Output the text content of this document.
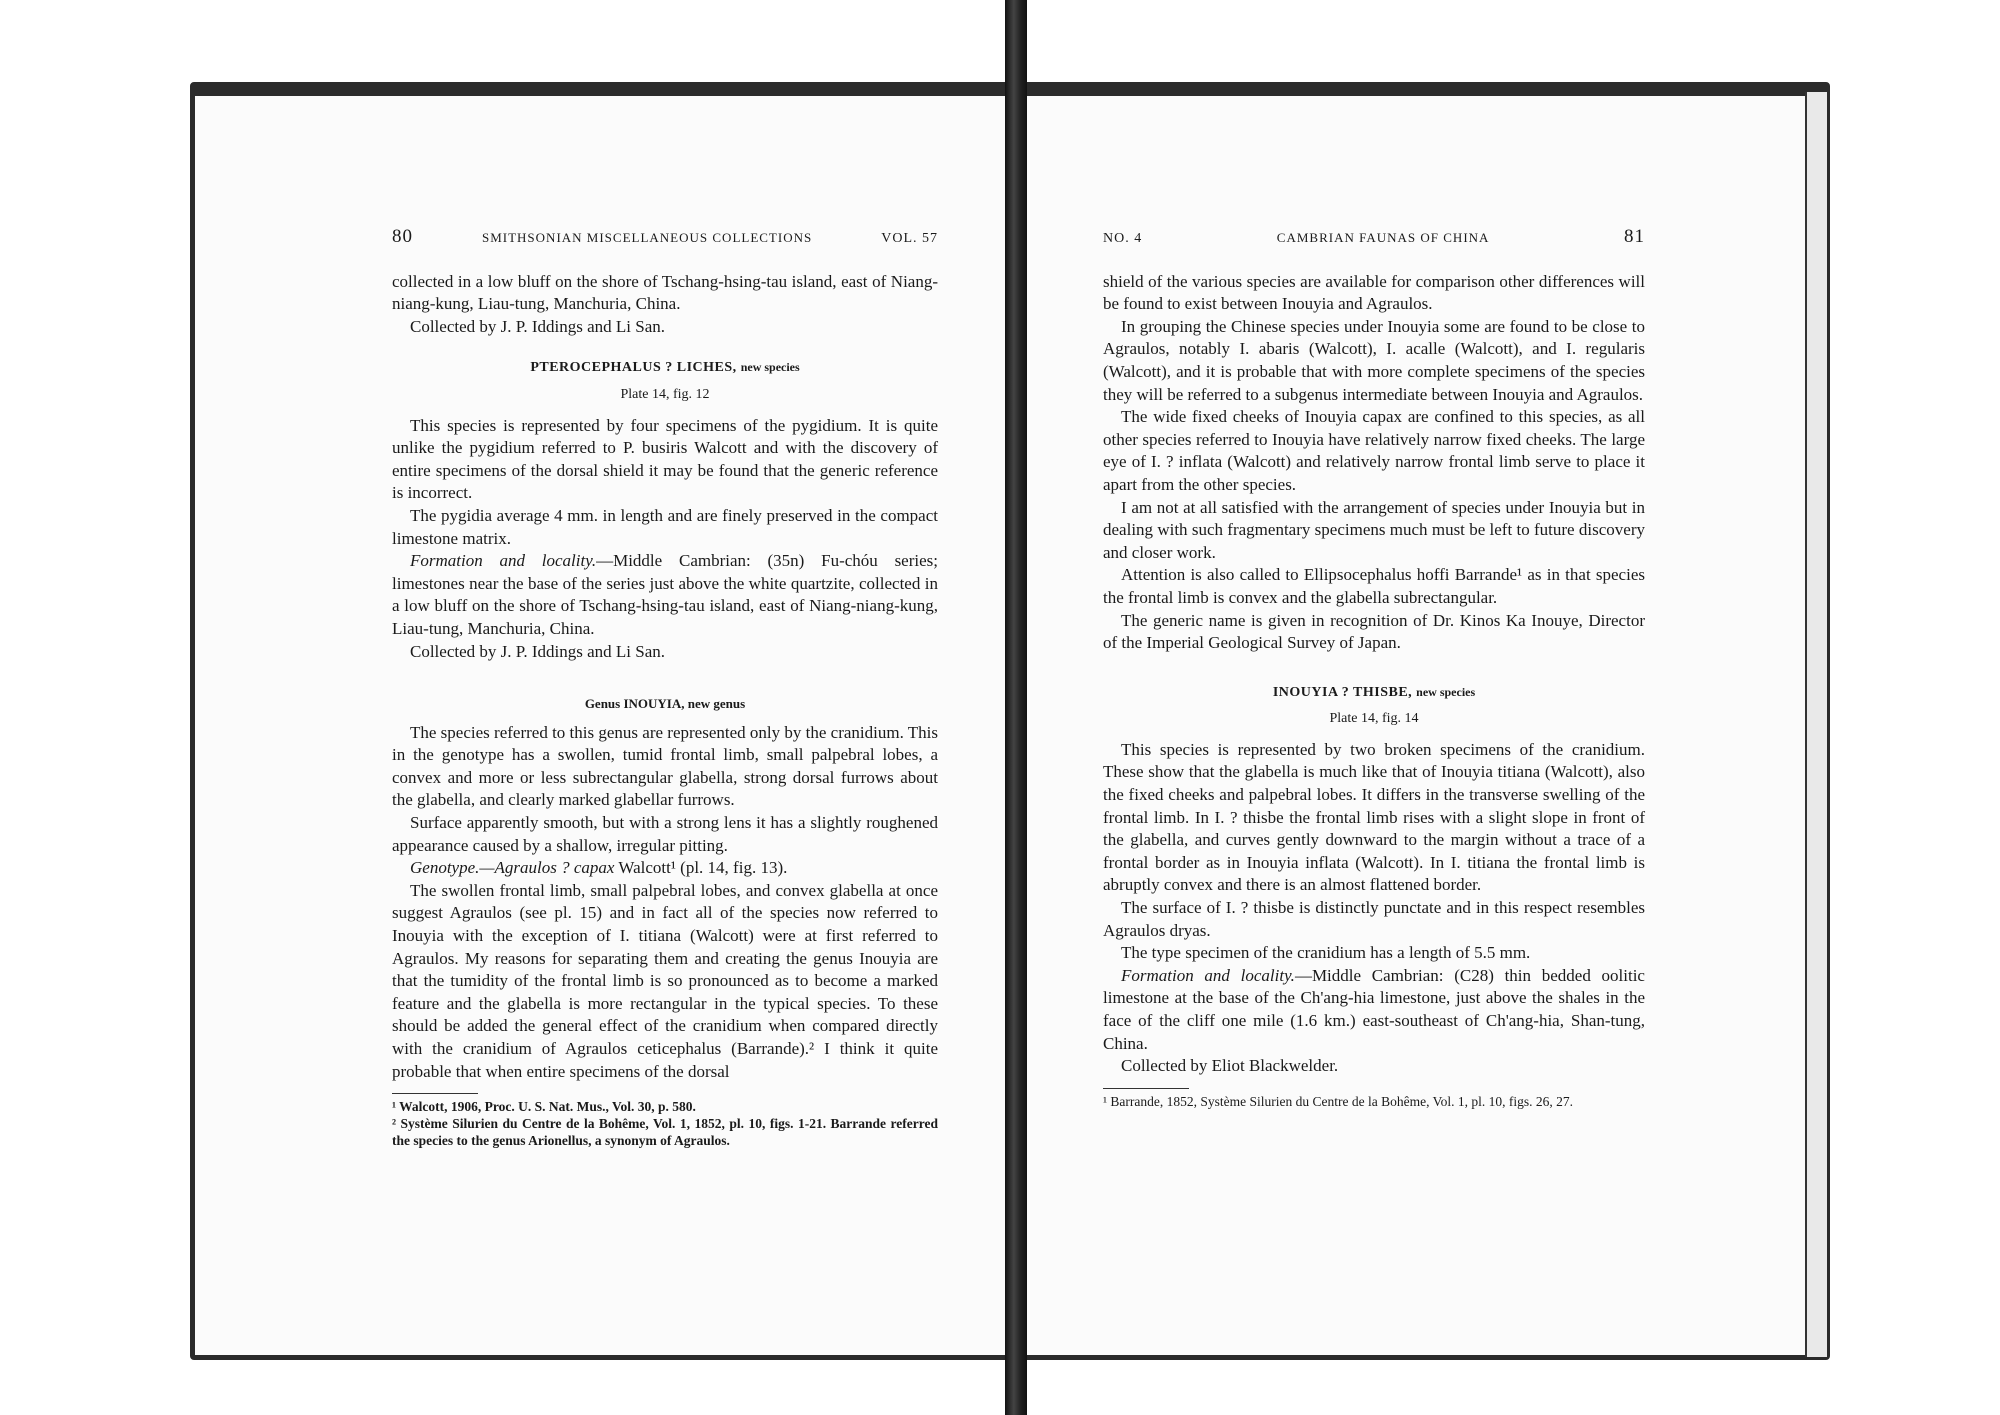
80	SMITHSONIAN MISCELLANEOUS COLLECTIONS	VOL. 57

collected in a low bluff on the shore of Tschang-hsing-tau island, east of Niang-niang-kung, Liau-tung, Manchuria, China.

Collected by J. P. Iddings and Li San.

PTEROCEPHALUS ? LICHES, new species
Plate 14, fig. 12

This species is represented by four specimens of the pygidium. It is quite unlike the pygidium referred to P. busiris Walcott and with the discovery of entire specimens of the dorsal shield it may be found that the generic reference is incorrect.

The pygidia average 4 mm. in length and are finely preserved in the compact limestone matrix.

Formation and locality.—Middle Cambrian: (35n) Fu-chóu series; limestones near the base of the series just above the white quartzite, collected in a low bluff on the shore of Tschang-hsing-tau island, east of Niang-niang-kung, Liau-tung, Manchuria, China.

Collected by J. P. Iddings and Li San.

Genus INOUYIA, new genus

The species referred to this genus are represented only by the cranidium. This in the genotype has a swollen, tumid frontal limb, small palpebral lobes, a convex and more or less subrectangular glabella, strong dorsal furrows about the glabella, and clearly marked glabellar furrows.

Surface apparently smooth, but with a strong lens it has a slightly roughened appearance caused by a shallow, irregular pitting.

Genotype.—Agraulos ? capax Walcott¹ (pl. 14, fig. 13).

The swollen frontal limb, small palpebral lobes, and convex glabella at once suggest Agraulos (see pl. 15) and in fact all of the species now referred to Inouyia with the exception of I. titiana (Walcott) were at first referred to Agraulos. My reasons for separating them and creating the genus Inouyia are that the tumidity of the frontal limb is so pronounced as to become a marked feature and the glabella is more rectangular in the typical species. To these should be added the general effect of the cranidium when compared directly with the cranidium of Agraulos ceticephalus (Barrande).² I think it quite probable that when entire specimens of the dorsal

¹ Walcott, 1906, Proc. U. S. Nat. Mus., Vol. 30, p. 580.

² Système Silurien du Centre de la Bohême, Vol. 1, 1852, pl. 10, figs. 1-21. Barrande referred the species to the genus Arionellus, a synonym of Agraulos.

NO. 4	CAMBRIAN FAUNAS OF CHINA	81

shield of the various species are available for comparison other differences will be found to exist between Inouyia and Agraulos.

In grouping the Chinese species under Inouyia some are found to be close to Agraulos, notably I. abaris (Walcott), I. acalle (Walcott), and I. regularis (Walcott), and it is probable that with more complete specimens of the species they will be referred to a subgenus intermediate between Inouyia and Agraulos.

The wide fixed cheeks of Inouyia capax are confined to this species, as all other species referred to Inouyia have relatively narrow fixed cheeks. The large eye of I. ? inflata (Walcott) and relatively narrow frontal limb serve to place it apart from the other species.

I am not at all satisfied with the arrangement of species under Inouyia but in dealing with such fragmentary specimens much must be left to future discovery and closer work.

Attention is also called to Ellipsocephalus hoffi Barrande¹ as in that species the frontal limb is convex and the glabella subrectangular.

The generic name is given in recognition of Dr. Kinos Ka Inouye, Director of the Imperial Geological Survey of Japan.

INOUYIA ? THISBE, new species
Plate 14, fig. 14

This species is represented by two broken specimens of the cranidium. These show that the glabella is much like that of Inouyia titiana (Walcott), also the fixed cheeks and palpebral lobes. It differs in the transverse swelling of the frontal limb. In I. ? thisbe the frontal limb rises with a slight slope in front of the glabella, and curves gently downward to the margin without a trace of a frontal border as in Inouyia inflata (Walcott). In I. titiana the frontal limb is abruptly convex and there is an almost flattened border.

The surface of I. ? thisbe is distinctly punctate and in this respect resembles Agraulos dryas.

The type specimen of the cranidium has a length of 5.5 mm.

Formation and locality.—Middle Cambrian: (C28) thin bedded oolitic limestone at the base of the Ch'ang-hia limestone, just above the shales in the face of the cliff one mile (1.6 km.) east-southeast of Ch'ang-hia, Shan-tung, China.

Collected by Eliot Blackwelder.

¹ Barrande, 1852, Système Silurien du Centre de la Bohême, Vol. 1, pl. 10, figs. 26, 27.
